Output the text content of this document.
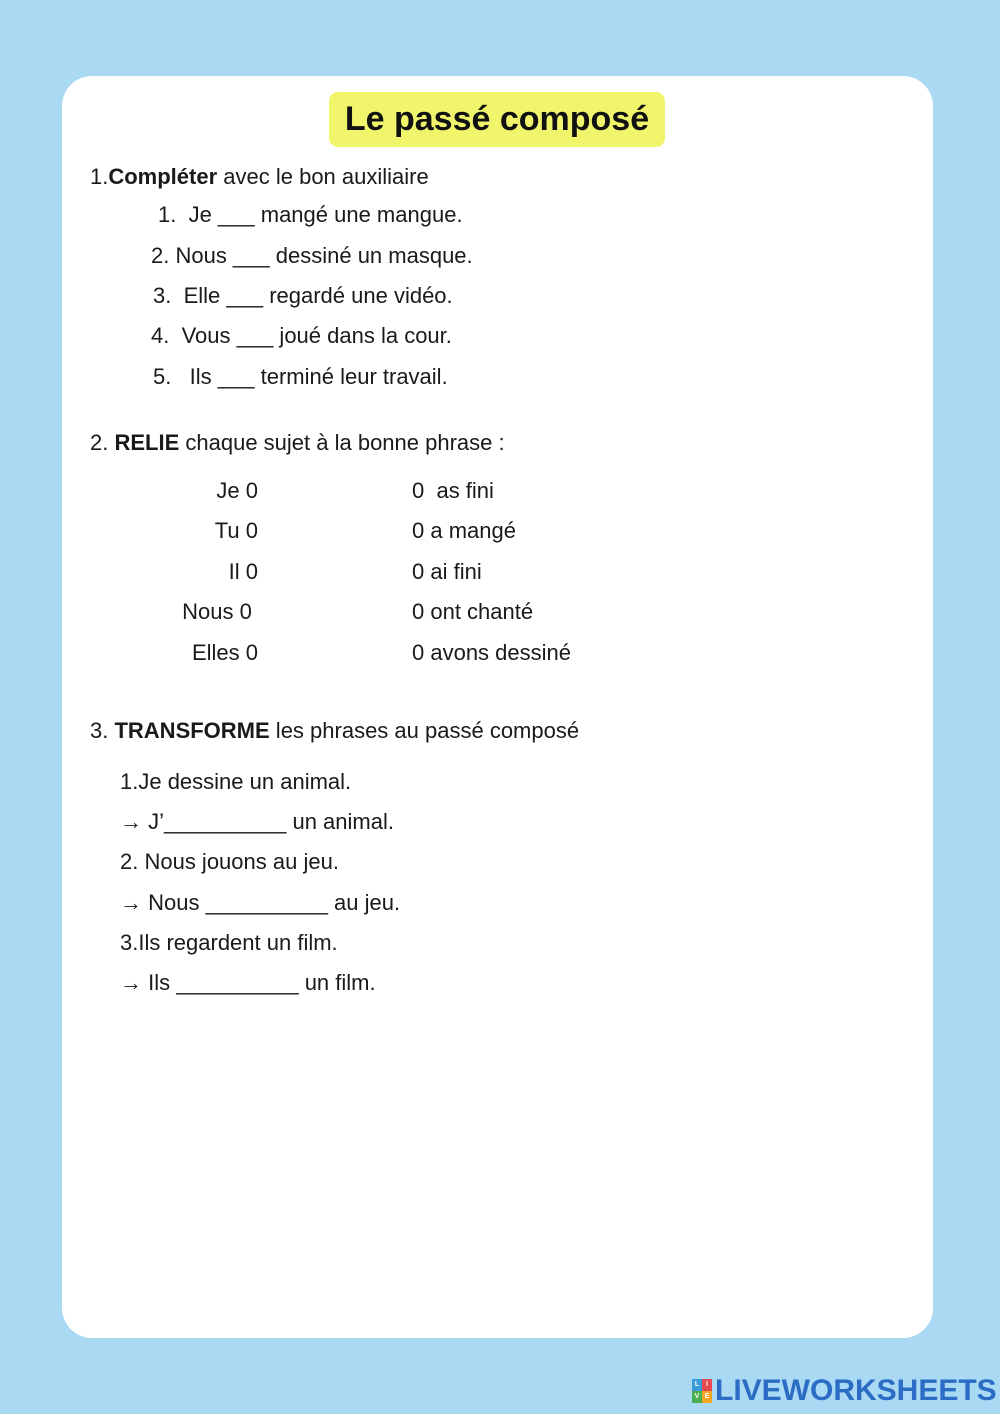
Le passé composé
1.Compléter avec le bon auxiliaire
1.  Je ___ mangé une mangue.
2. Nous ___ dessiné un masque.
3.  Elle ___ regardé une vidéo.
4.  Vous ___ joué dans la cour.
5.   Ils ___ terminé leur travail.
2. RELIE chaque sujet à la bonne phrase :
Je 0
Tu 0
Il 0
Nous 0
Elles 0
0  as fini
0 a mangé
0 ai fini
0 ont chanté
0 avons dessiné
3. TRANSFORME les phrases au passé composé
1.Je dessine un animal.
→ J’__________ un animal.
2. Nous jouons au jeu.
→ Nous __________ au jeu.
3.Ils regardent un film.
→ Ils __________ un film.
L I
V E LIVEWORKSHEETS
